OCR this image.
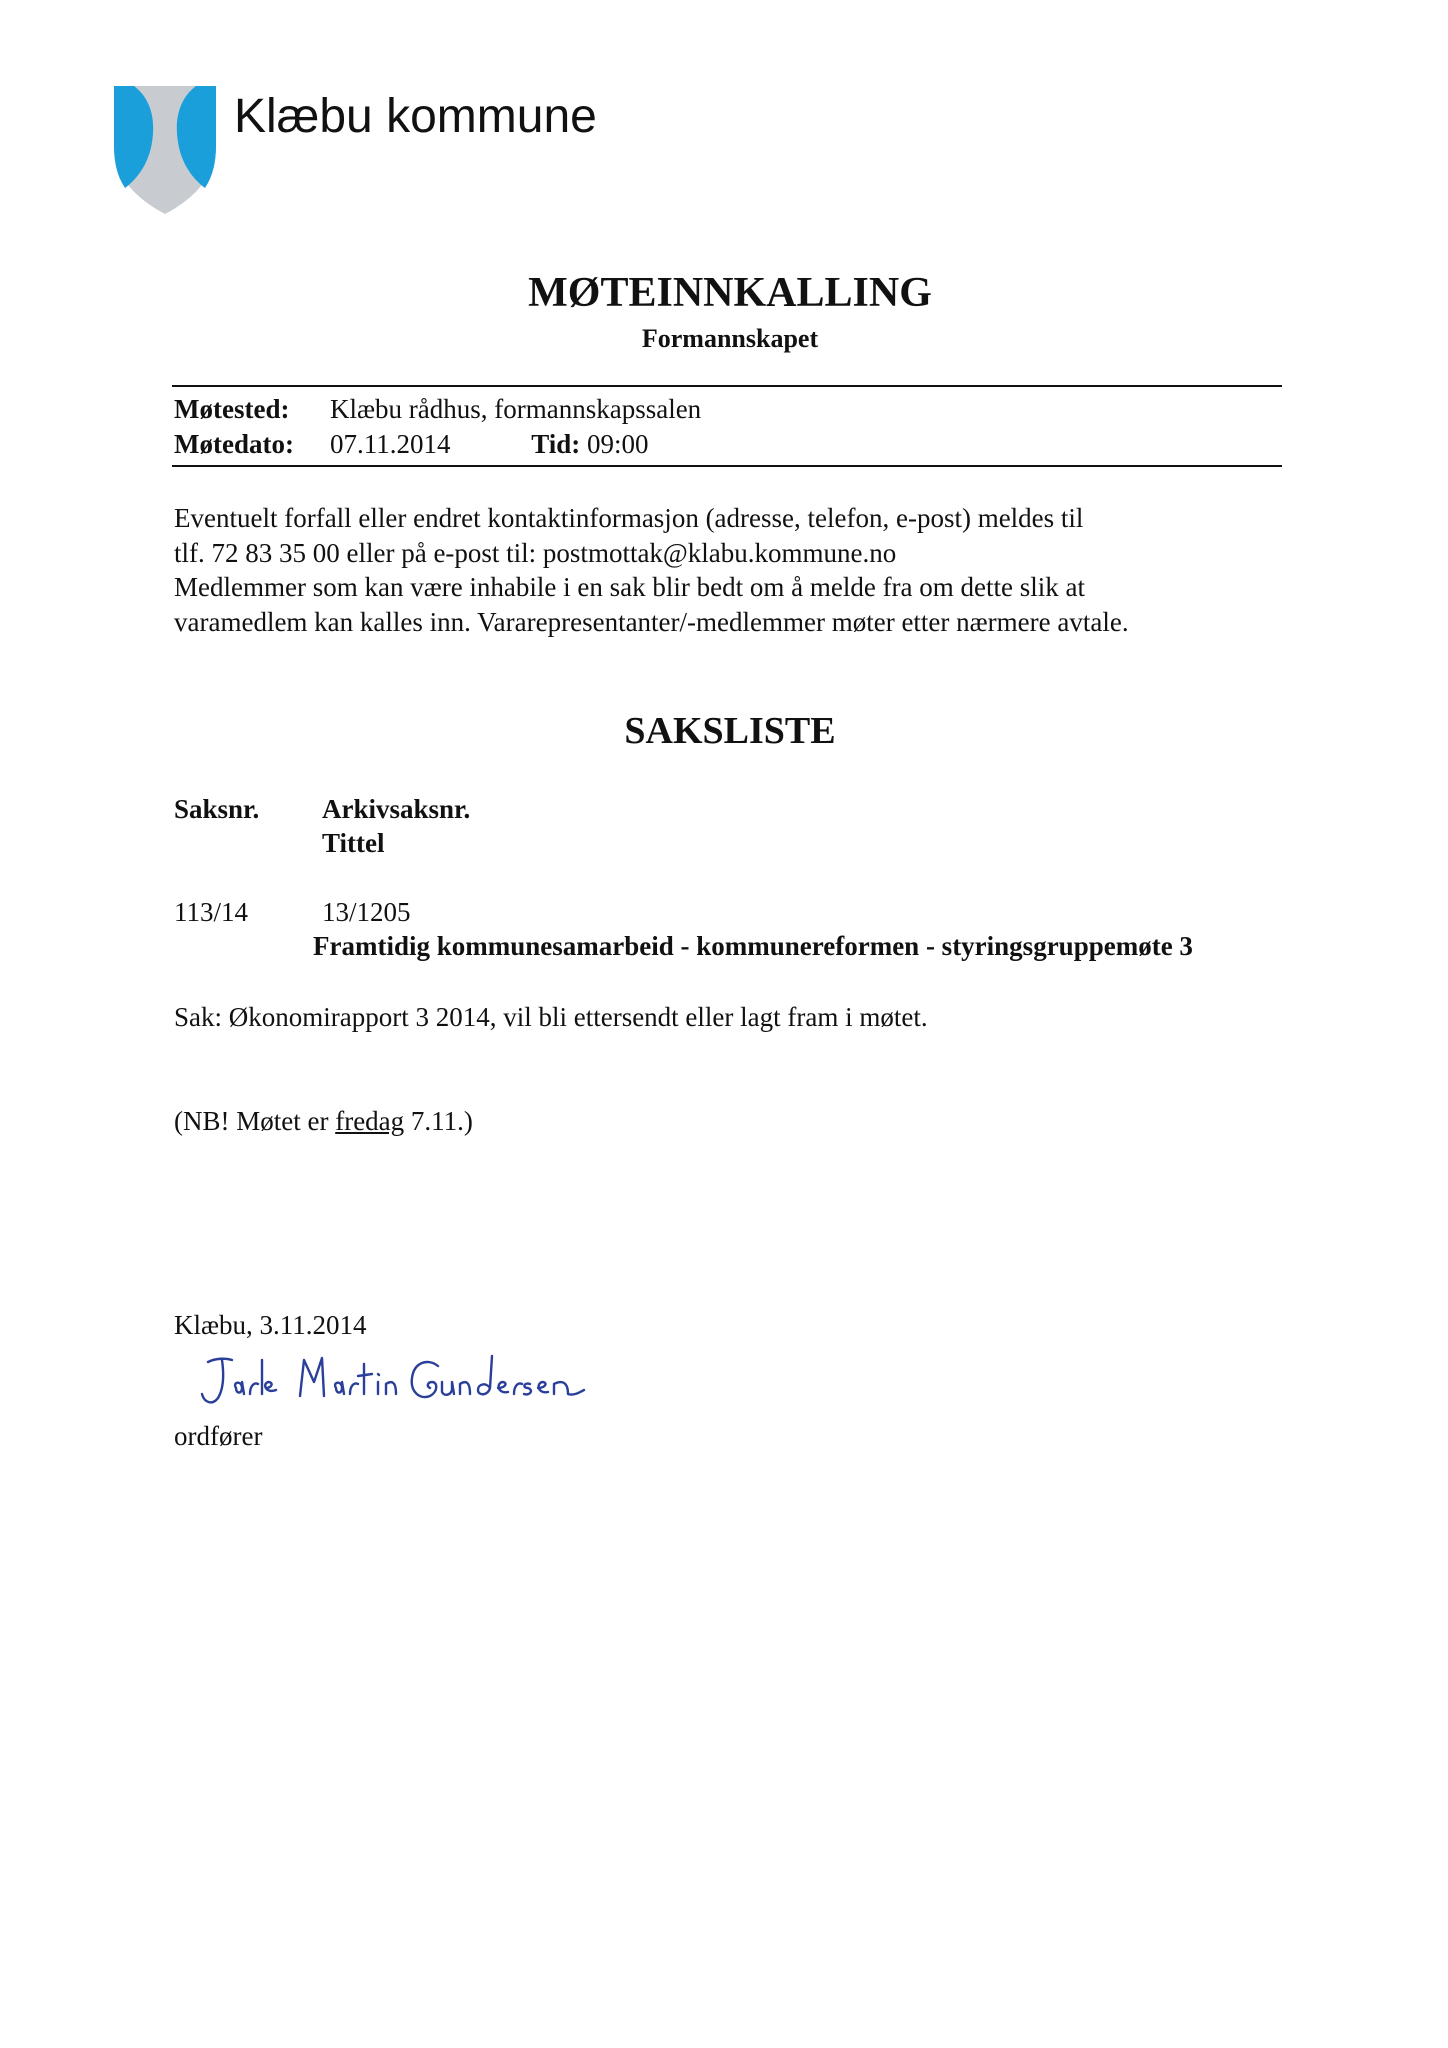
Klæbu kommune
MØTEINNKALLING
Formannskapet
Møtested: Klæbu rådhus, formannskapssalen
Møtedato: 07.11.2014	Tid: 09:00
Eventuelt forfall eller endret kontaktinformasjon (adresse, telefon, e-post) meldes til
tlf. 72 83 35 00 eller på e-post til: postmottak@klabu.kommune.no
Medlemmer som kan være inhabile i en sak blir bedt om å melde fra om dette slik at
varamedlem kan kalles inn. Vararepresentanter/-medlemmer møter etter nærmere avtale.
SAKSLISTE
Saksnr. Arkivsaksnr.
Tittel
113/14	13/1205
Framtidig kommunesamarbeid - kommunereformen - styringsgruppemøte 3
Sak: Økonomirapport 3 2014, vil bli ettersendt eller lagt fram i møtet.
(NB! Møtet er fredag 7.11.)
Klæbu, 3.11.2014
ordfører
